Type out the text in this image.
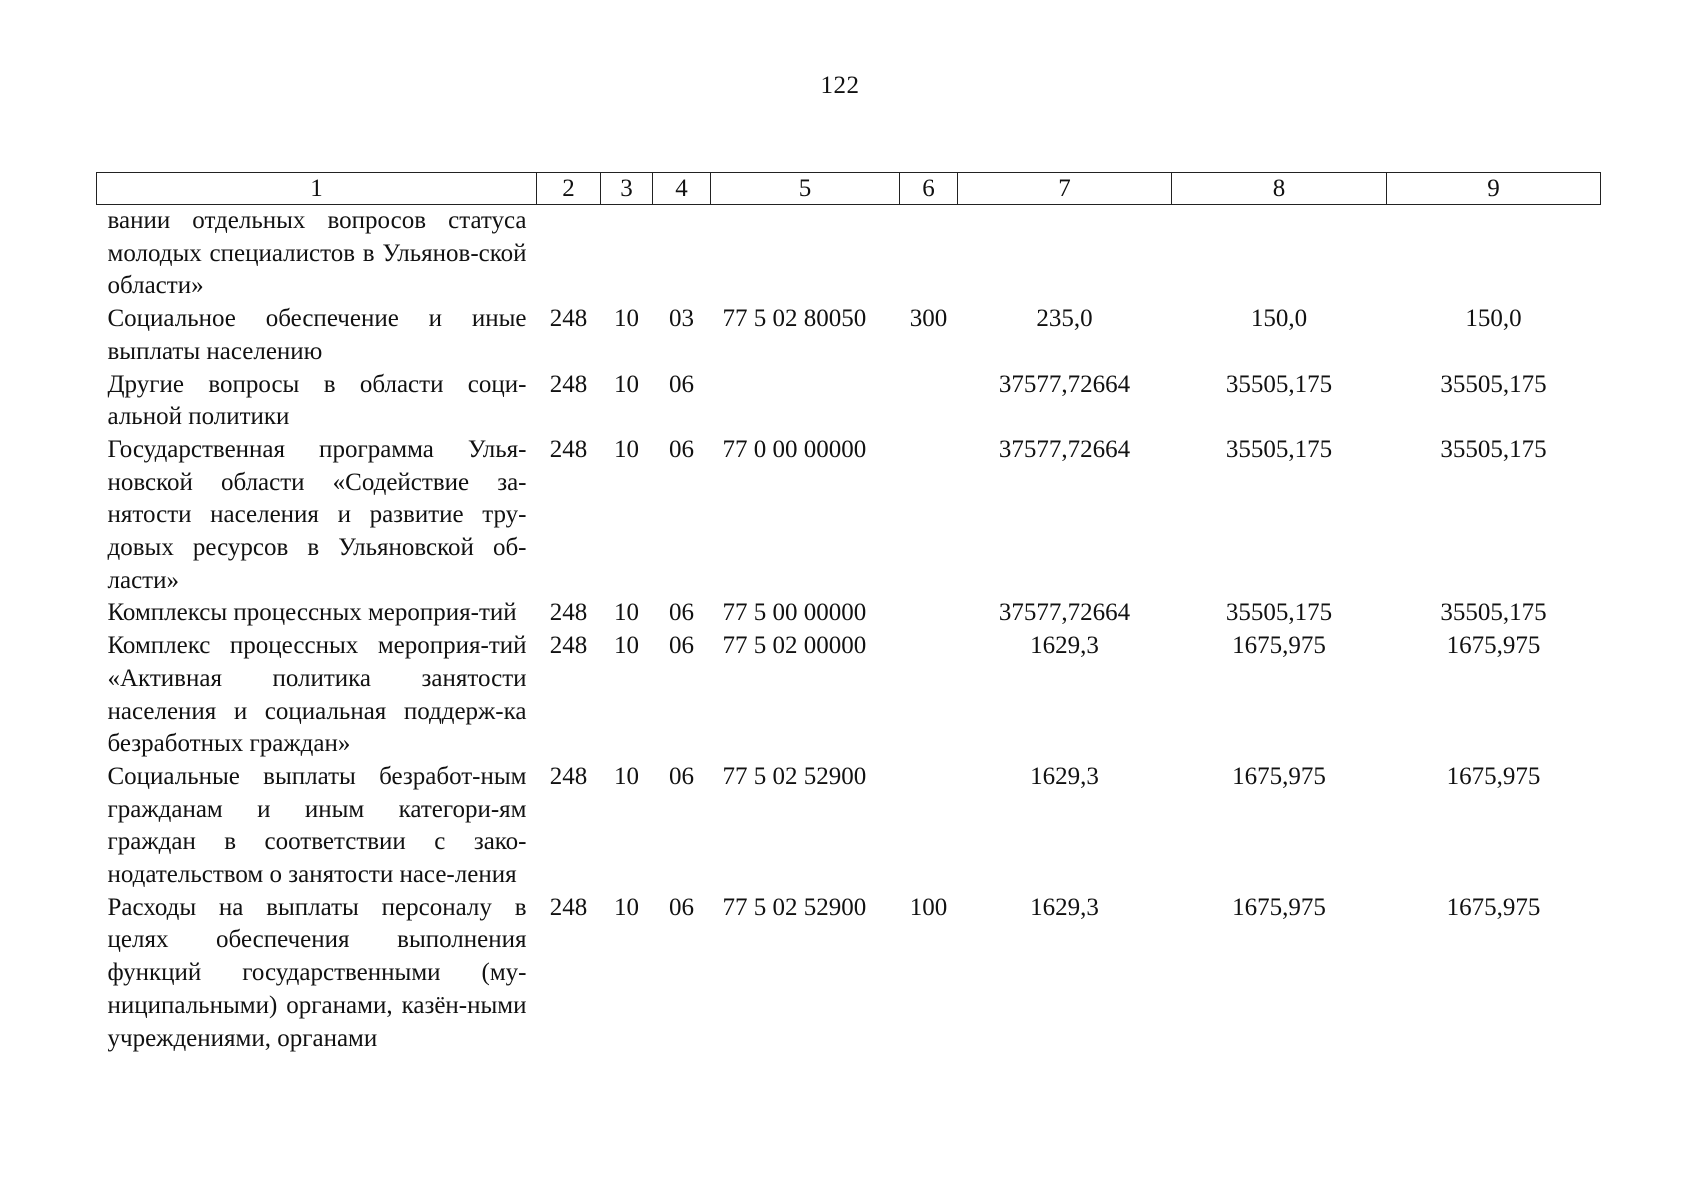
122
1	2	3	4	5	6	7	8	9
вании отдельных вопросов статуса молодых специалистов в Ульянов-ской области»								
Социальное обеспечение и иные выплаты населению	248	10	03	77 5 02 80050	300	235,0	150,0	150,0
Другие вопросы в области соци-альной политики	248	10	06			37577,72664	35505,175	35505,175
Государственная программа Улья-новской области «Содействие за-нятости населения и развитие тру-довых ресурсов в Ульяновской об-ласти»	248	10	06	77 0 00 00000		37577,72664	35505,175	35505,175
Комплексы процессных мероприя-тий	248	10	06	77 5 00 00000		37577,72664	35505,175	35505,175
Комплекс процессных мероприя-тий «Активная политика занятости населения и социальная поддерж-ка безработных граждан»	248	10	06	77 5 02 00000		1629,3	1675,975	1675,975
Социальные выплаты безработ-ным гражданам и иным категори-ям граждан в соответствии с зако-нодательством о занятости насе-ления	248	10	06	77 5 02 52900		1629,3	1675,975	1675,975
Расходы на выплаты персоналу в целях обеспечения выполнения функций государственными (му-ниципальными) органами, казён-ными учреждениями, органами	248	10	06	77 5 02 52900	100	1629,3	1675,975	1675,975
